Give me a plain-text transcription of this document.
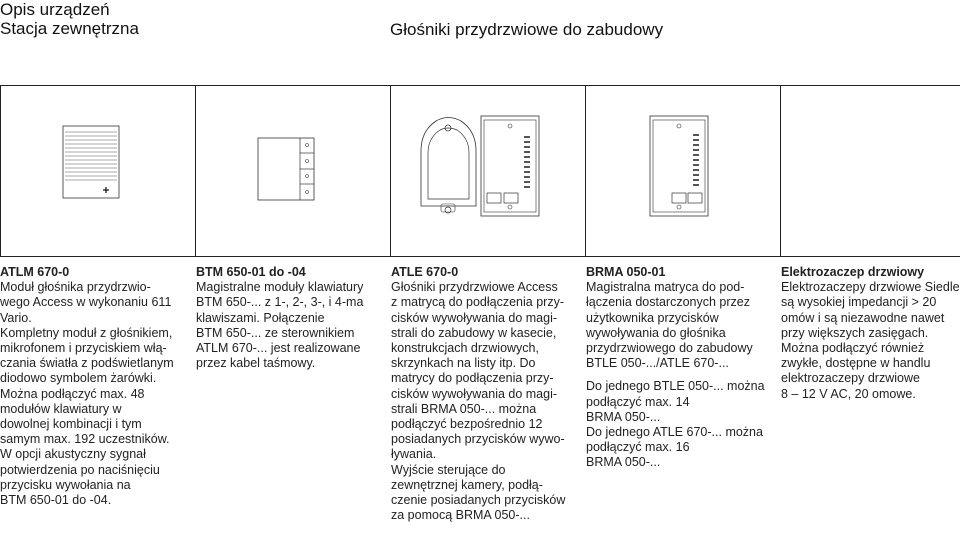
Opis urządzeń
Stacja zewnętrzna	Głośniki przydrzwiowe do zabudowy
ATLM 670-0
Moduł głośnika przydrzwio-
wego Access w wykonaniu 611
Vario.
Kompletny moduł z głośnikiem,
mikrofonem i przyciskiem włą-
czania światła z podświetlanym
diodowo symbolem żarówki.
Można podłączyć max. 48
modułów klawiatury w
dowolnej kombinacji i tym
samym max. 192 uczestników.
W opcji akustyczny sygnał
potwierdzenia po naciśnięciu
przycisku wywołania na
BTM 650-01 do -04.
BTM 650-01 do -04
Magistralne moduły klawiatury
BTM 650-... z 1-, 2-, 3-, i 4-ma
klawiszami. Połączenie
BTM 650-... ze sterownikiem
ATLM 670-... jest realizowane
przez kabel taśmowy.
ATLE 670-0
Głośniki przydrzwiowe Access
z matrycą do podłączenia przy-
cisków wywoływania do magi-
strali do zabudowy w kasecie,
konstrukcjach drzwiowych,
skrzynkach na listy itp. Do
matrycy do podłączenia przy-
cisków wywoływania do magi-
strali BRMA 050-... można
podłączyć bezpośrednio 12
posiadanych przycisków wywo-
ływania.
Wyjście sterujące do
zewnętrznej kamery, podłą-
czenie posiadanych przycisków
za pomocą BRMA 050-...
BRMA 050-01
Magistralna matryca do pod-
łączenia dostarczonych przez
użytkownika przycisków
wywoływania do głośnika
przydrzwiowego do zabudowy
BTLE 050-.../ATLE 670-...
Do jednego BTLE 050-... można
podłączyć max. 14
BRMA 050-...
Do jednego ATLE 670-... można
podłączyć max. 16
BRMA 050-...
Elektrozaczep drzwiowy
Elektrozaczepy drzwiowe Siedle
są wysokiej impedancji > 20
omów i są niezawodne nawet
przy większych zasięgach.
Można podłączyć również
zwykłe, dostępne w handlu
elektrozaczepy drzwiowe
8 – 12 V AC, 20 omowe.
